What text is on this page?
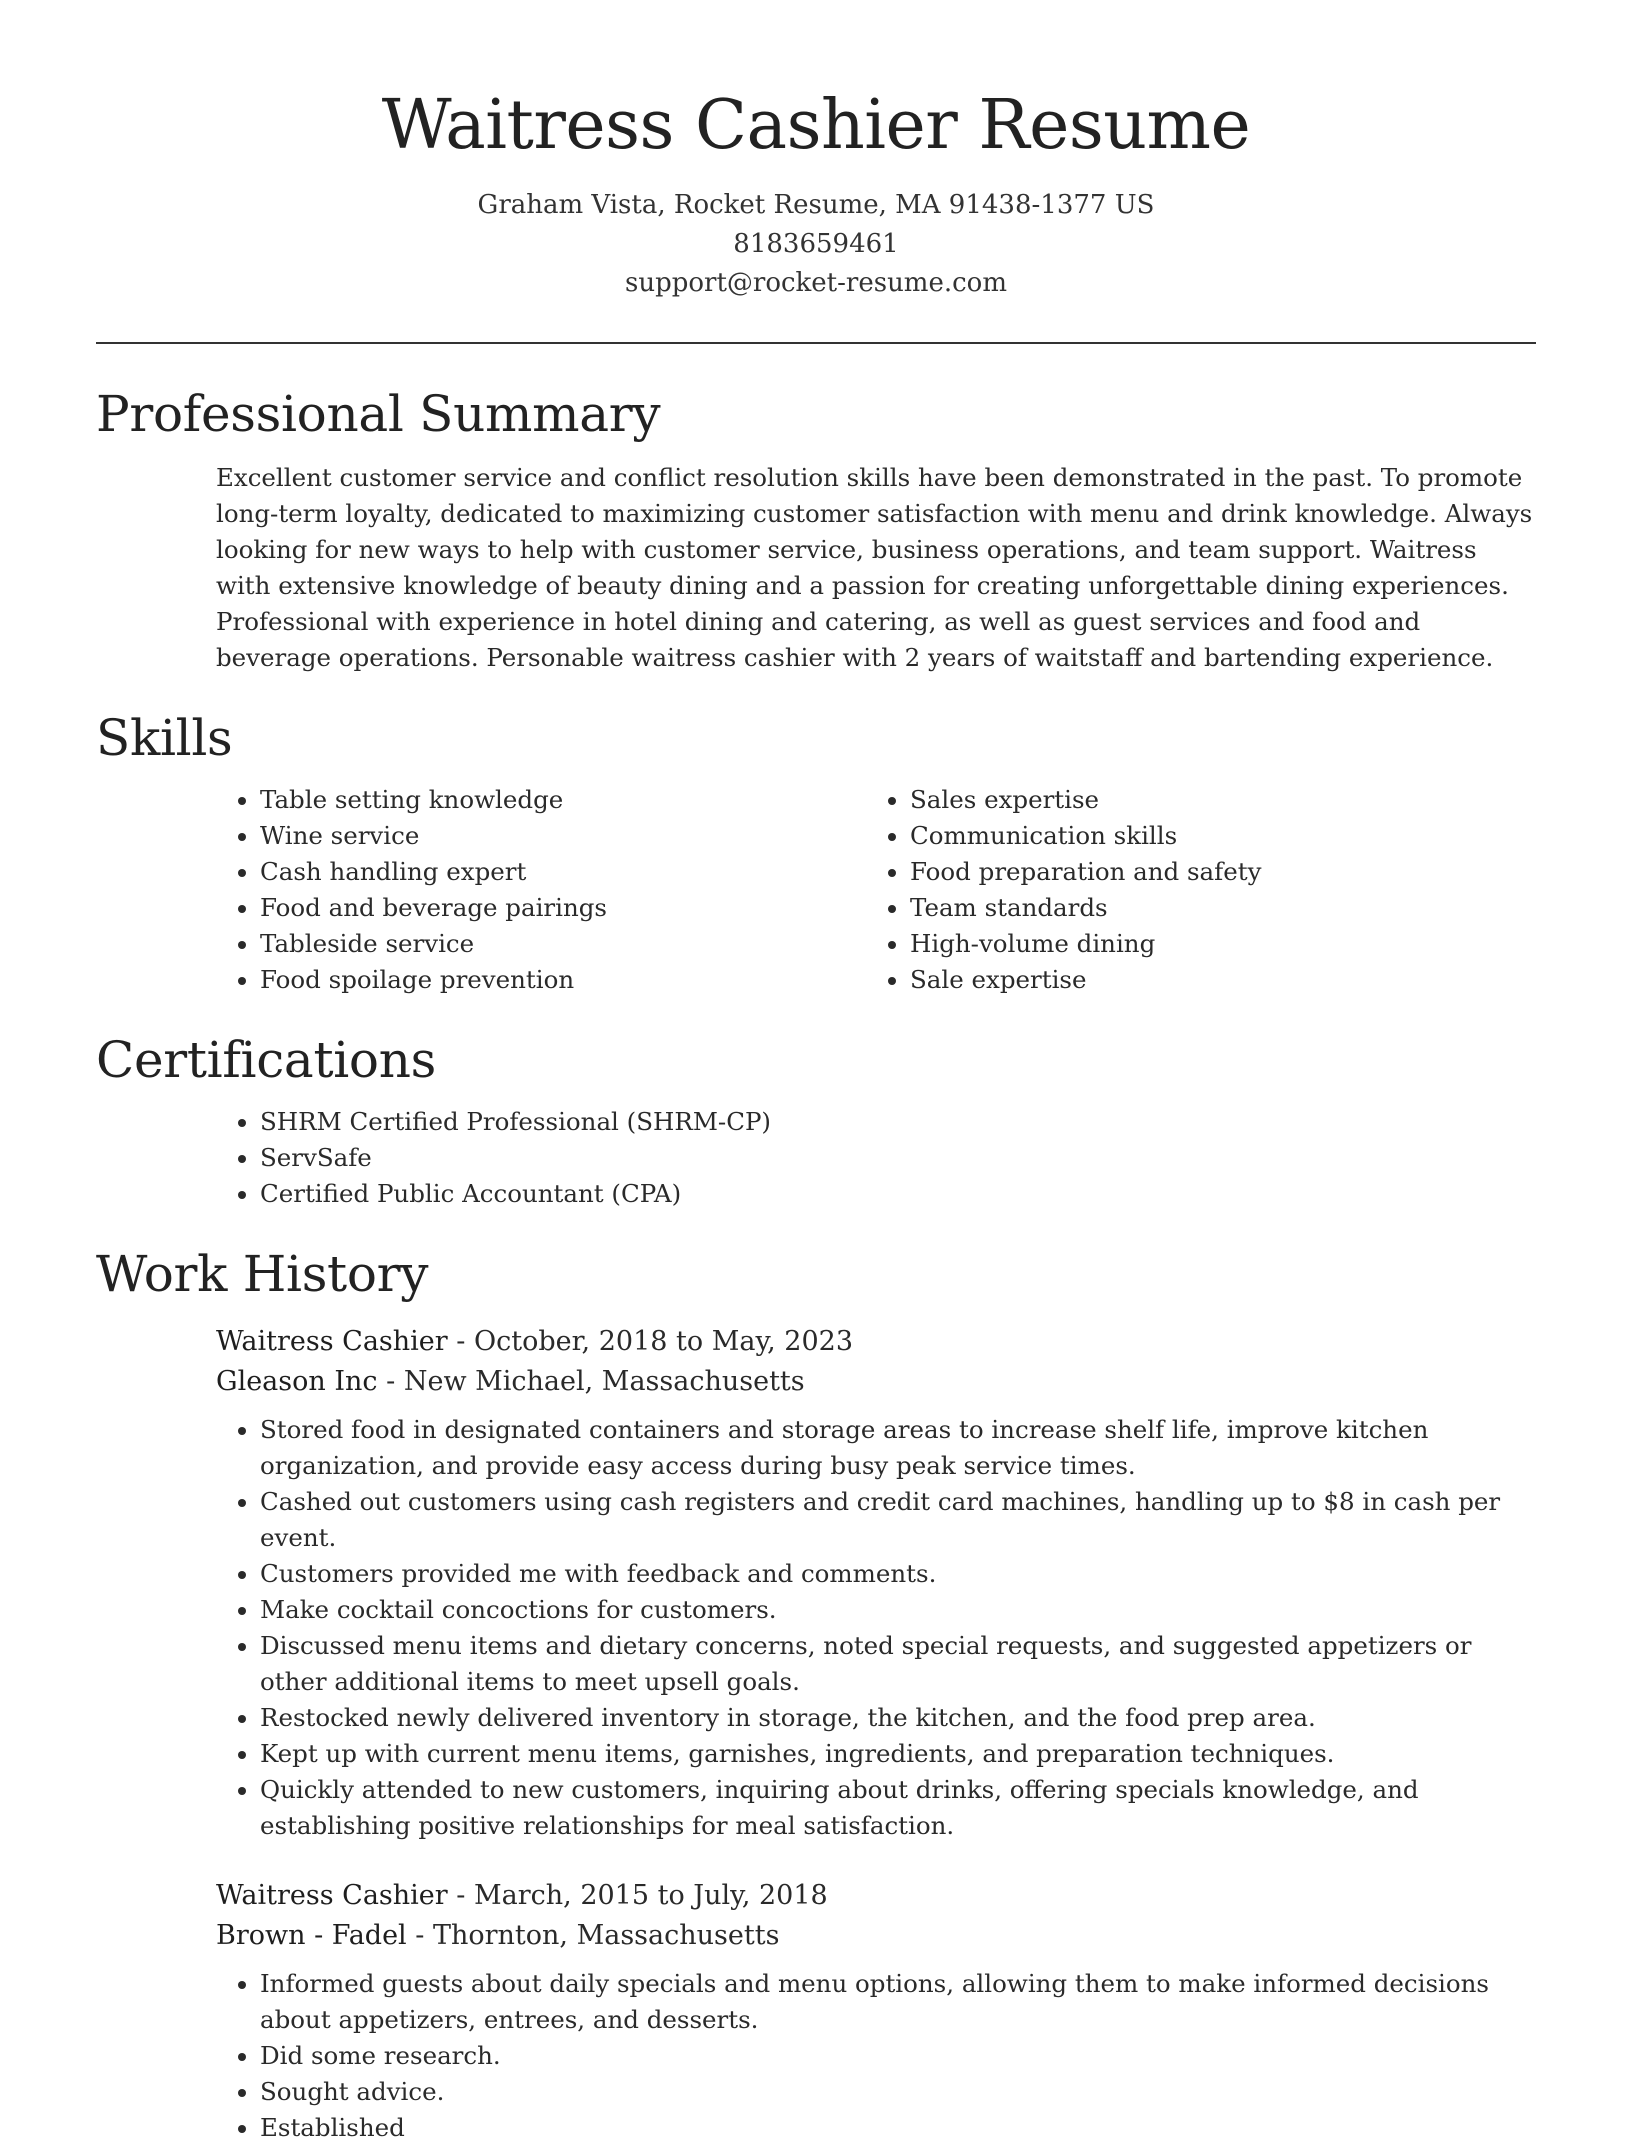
Waitress Cashier Resume
Graham Vista, Rocket Resume, MA 91438-1377 US
8183659461
support@rocket-resume.com
Professional Summary

Excellent customer service and conflict resolution skills have been demonstrated in the past. To promote long-term loyalty, dedicated to maximizing customer satisfaction with menu and drink knowledge. Always looking for new ways to help with customer service, business operations, and team support. Waitress with extensive knowledge of beauty dining and a passion for creating unforgettable dining experiences. Professional with experience in hotel dining and catering, as well as guest services and food and beverage operations. Personable waitress cashier with 2 years of waitstaff and bartending experience.

Skills
• Table setting knowledge
• Wine service
• Cash handling expert
• Food and beverage pairings
• Tableside service
• Food spoilage prevention
• Sales expertise
• Communication skills
• Food preparation and safety
• Team standards
• High-volume dining
• Sale expertise
Certifications
• SHRM Certified Professional (SHRM-CP)
• ServSafe
• Certified Public Accountant (CPA)
Work History
Waitress Cashier - October, 2018 to May, 2023
Gleason Inc - New Michael, Massachusetts
• Stored food in designated containers and storage areas to increase shelf life, improve kitchen organization, and provide easy access during busy peak service times.
• Cashed out customers using cash registers and credit card machines, handling up to $8 in cash per event.
• Customers provided me with feedback and comments.
• Make cocktail concoctions for customers.
• Discussed menu items and dietary concerns, noted special requests, and suggested appetizers or other additional items to meet upsell goals.
• Restocked newly delivered inventory in storage, the kitchen, and the food prep area.
• Kept up with current menu items, garnishes, ingredients, and preparation techniques.
• Quickly attended to new customers, inquiring about drinks, offering specials knowledge, and establishing positive relationships for meal satisfaction.
Waitress Cashier - March, 2015 to July, 2018
Brown - Fadel - Thornton, Massachusetts
• Informed guests about daily specials and menu options, allowing them to make informed decisions about appetizers, entrees, and desserts.
• Did some research.
• Sought advice.
• Established
